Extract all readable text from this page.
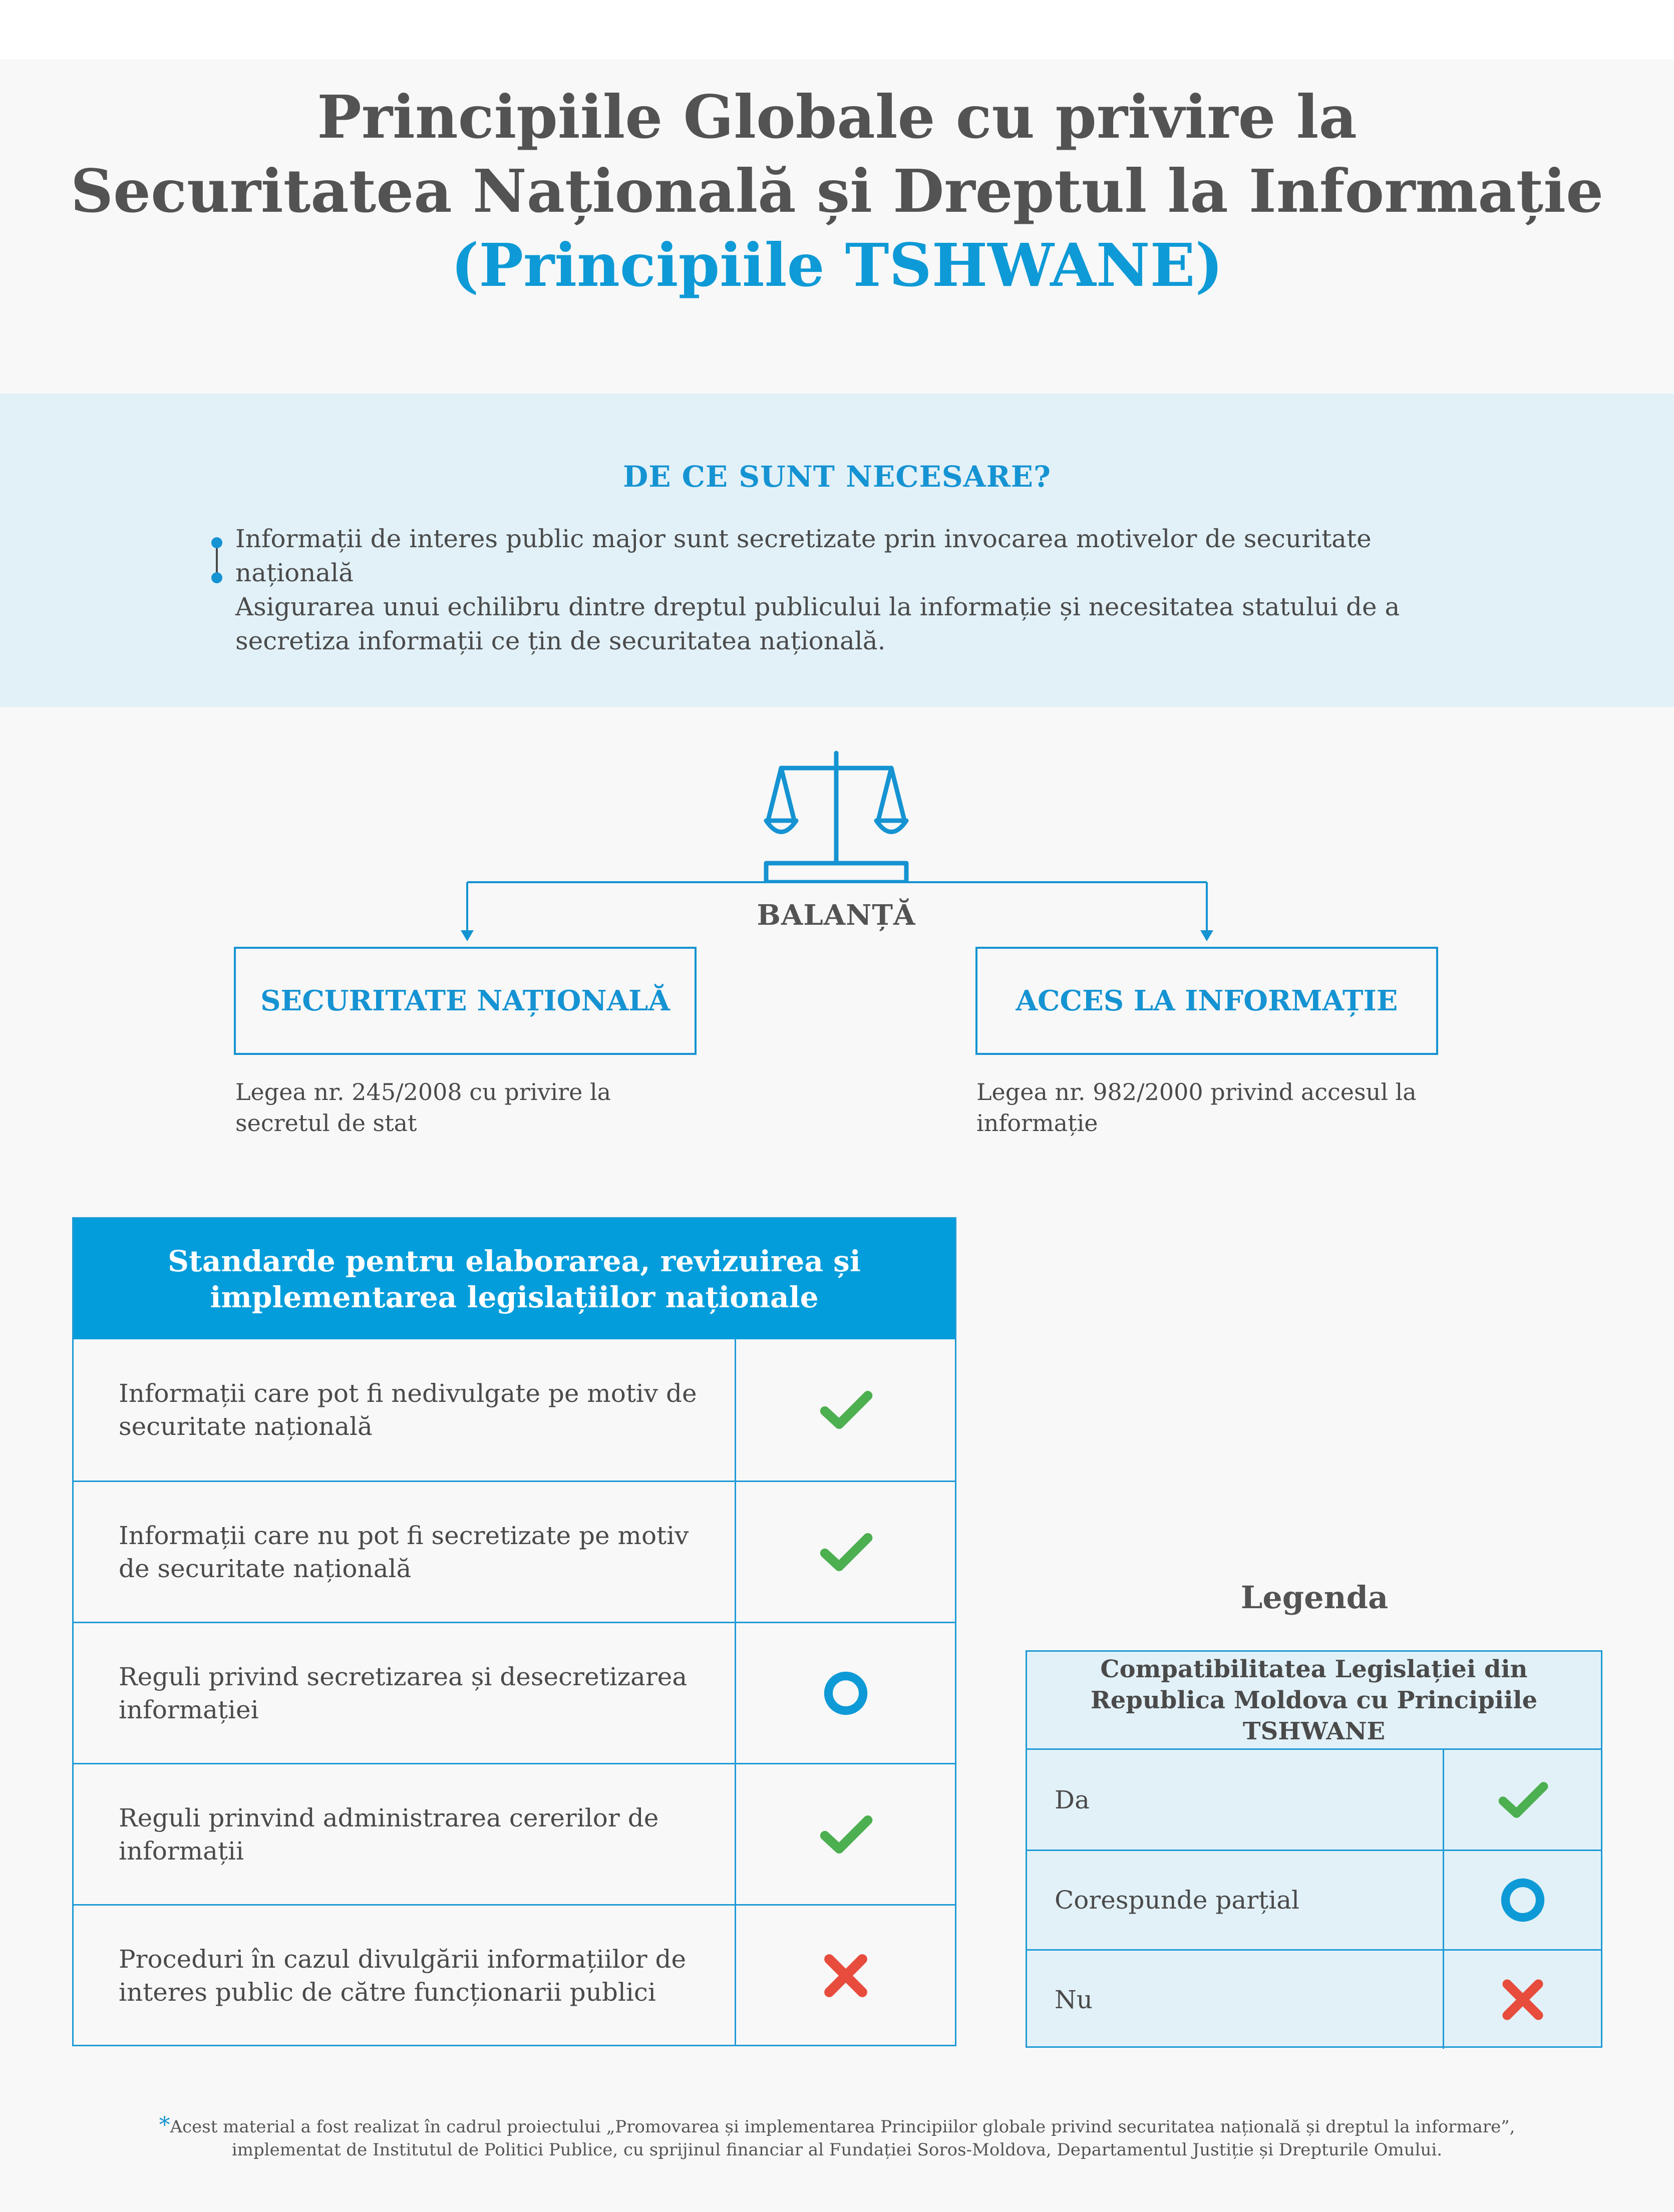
Principiile Globale cu privire la
Securitatea Națională și Dreptul la Informație
(Principiile TSHWANE)
DE CE SUNT NECESARE?

Informații de interes public major sunt secretizate prin invocarea motivelor de securitate națională

Asigurarea unui echilibru dintre dreptul publicului la informație și necesitatea statului de a secretiza informații ce țin de securitatea națională.

BALANȚĂ
SECURITATE NAȚIONALĂ	ACCES LA INFORMAȚIE
Legea nr. 245/2008 cu privire la secretul de stat
Legea nr. 982/2000 privind accesul la informație
Standarde pentru elaborarea, revizuirea și implementarea legislațiilor naționale
Informații care pot fi nedivulgate pe motiv de securitate națională
Informații care nu pot fi secretizate pe motiv de securitate națională
Reguli privind secretizarea și desecretizarea informației
Reguli prinvind administrarea cererilor de informații
Proceduri în cazul divulgării informațiilor de interes public de către funcționarii publici
Legenda
Compatibilitatea Legislației din Republica Moldova cu Principiile TSHWANE
Da
Corespunde parțial
Nu
*Acest material a fost realizat în cadrul proiectului „Promovarea și implementarea Principiilor globale privind securitatea națională și dreptul la informare”,
implementat de Institutul de Politici Publice, cu sprijinul financiar al Fundației Soros-Moldova, Departamentul Justiție și Drepturile Omului.
